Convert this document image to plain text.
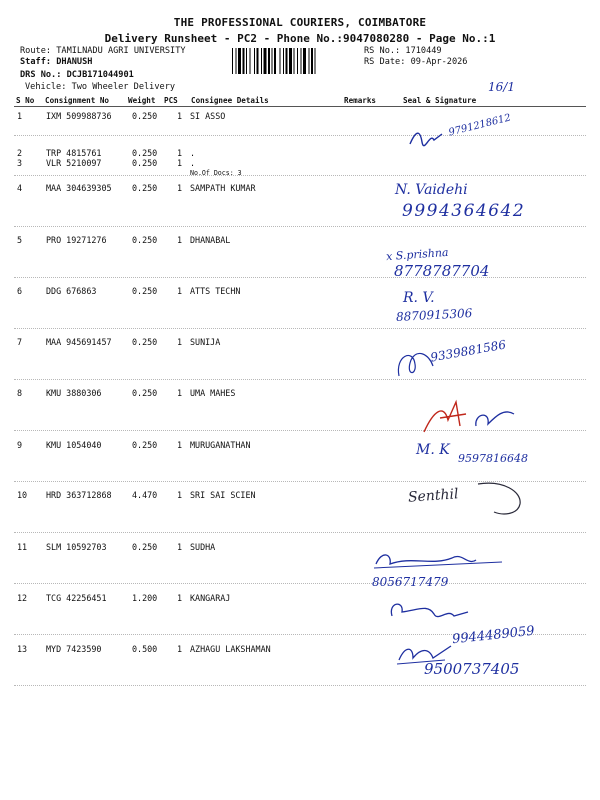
THE PROFESSIONAL COURIERS, COIMBATORE
Delivery Runsheet - PC2 - Phone No.:9047080280 - Page No.:1
Route: TAMILNADU AGRI UNIVERSITY
Staff: DHANUSH
DRS No.: DCJB171044901
Vehicle: Two Wheeler Delivery
RS No.: 1710449
RS Date: 09-Apr-2026
16/1
S No Consignment No Weight PCS Consignee Details	Remarks	Seal & Signature
1	IXM 509988736 0.250 1 SI ASSO
2	TRP 4815761	0.250 1 .
3	VLR 5210097	0.250 1 .
4	MAA 304639305 0.250 1 SAMPATH KUMAR
5	PRO 19271276	0.250 1 DHANABAL
6	DDG 676863	0.250 1 ATTS TECHN
7	MAA 945691457 0.250 1 SUNIJA
8	KMU 3880306	0.250 1 UMA MAHES
9	KMU 1054040	0.250 1 MURUGANATHAN
10 HRD 363712868 4.470 1 SRI SAI SCIEN
11 SLM 10592703	0.250 1 SUDHA
12 TCG 42256451	1.200 1 KANGARAJ
13 MYD 7423590	0.500 1 AZHAGU LAKSHAMAN
No.Of Docs: 3
9791218612
N. Vaidehi
9994364642
x S.prishna
8778787704
R. V.
8870915306
9339881586
M. K
9597816648
Senthil
8056717479
9944489059
9500737405
